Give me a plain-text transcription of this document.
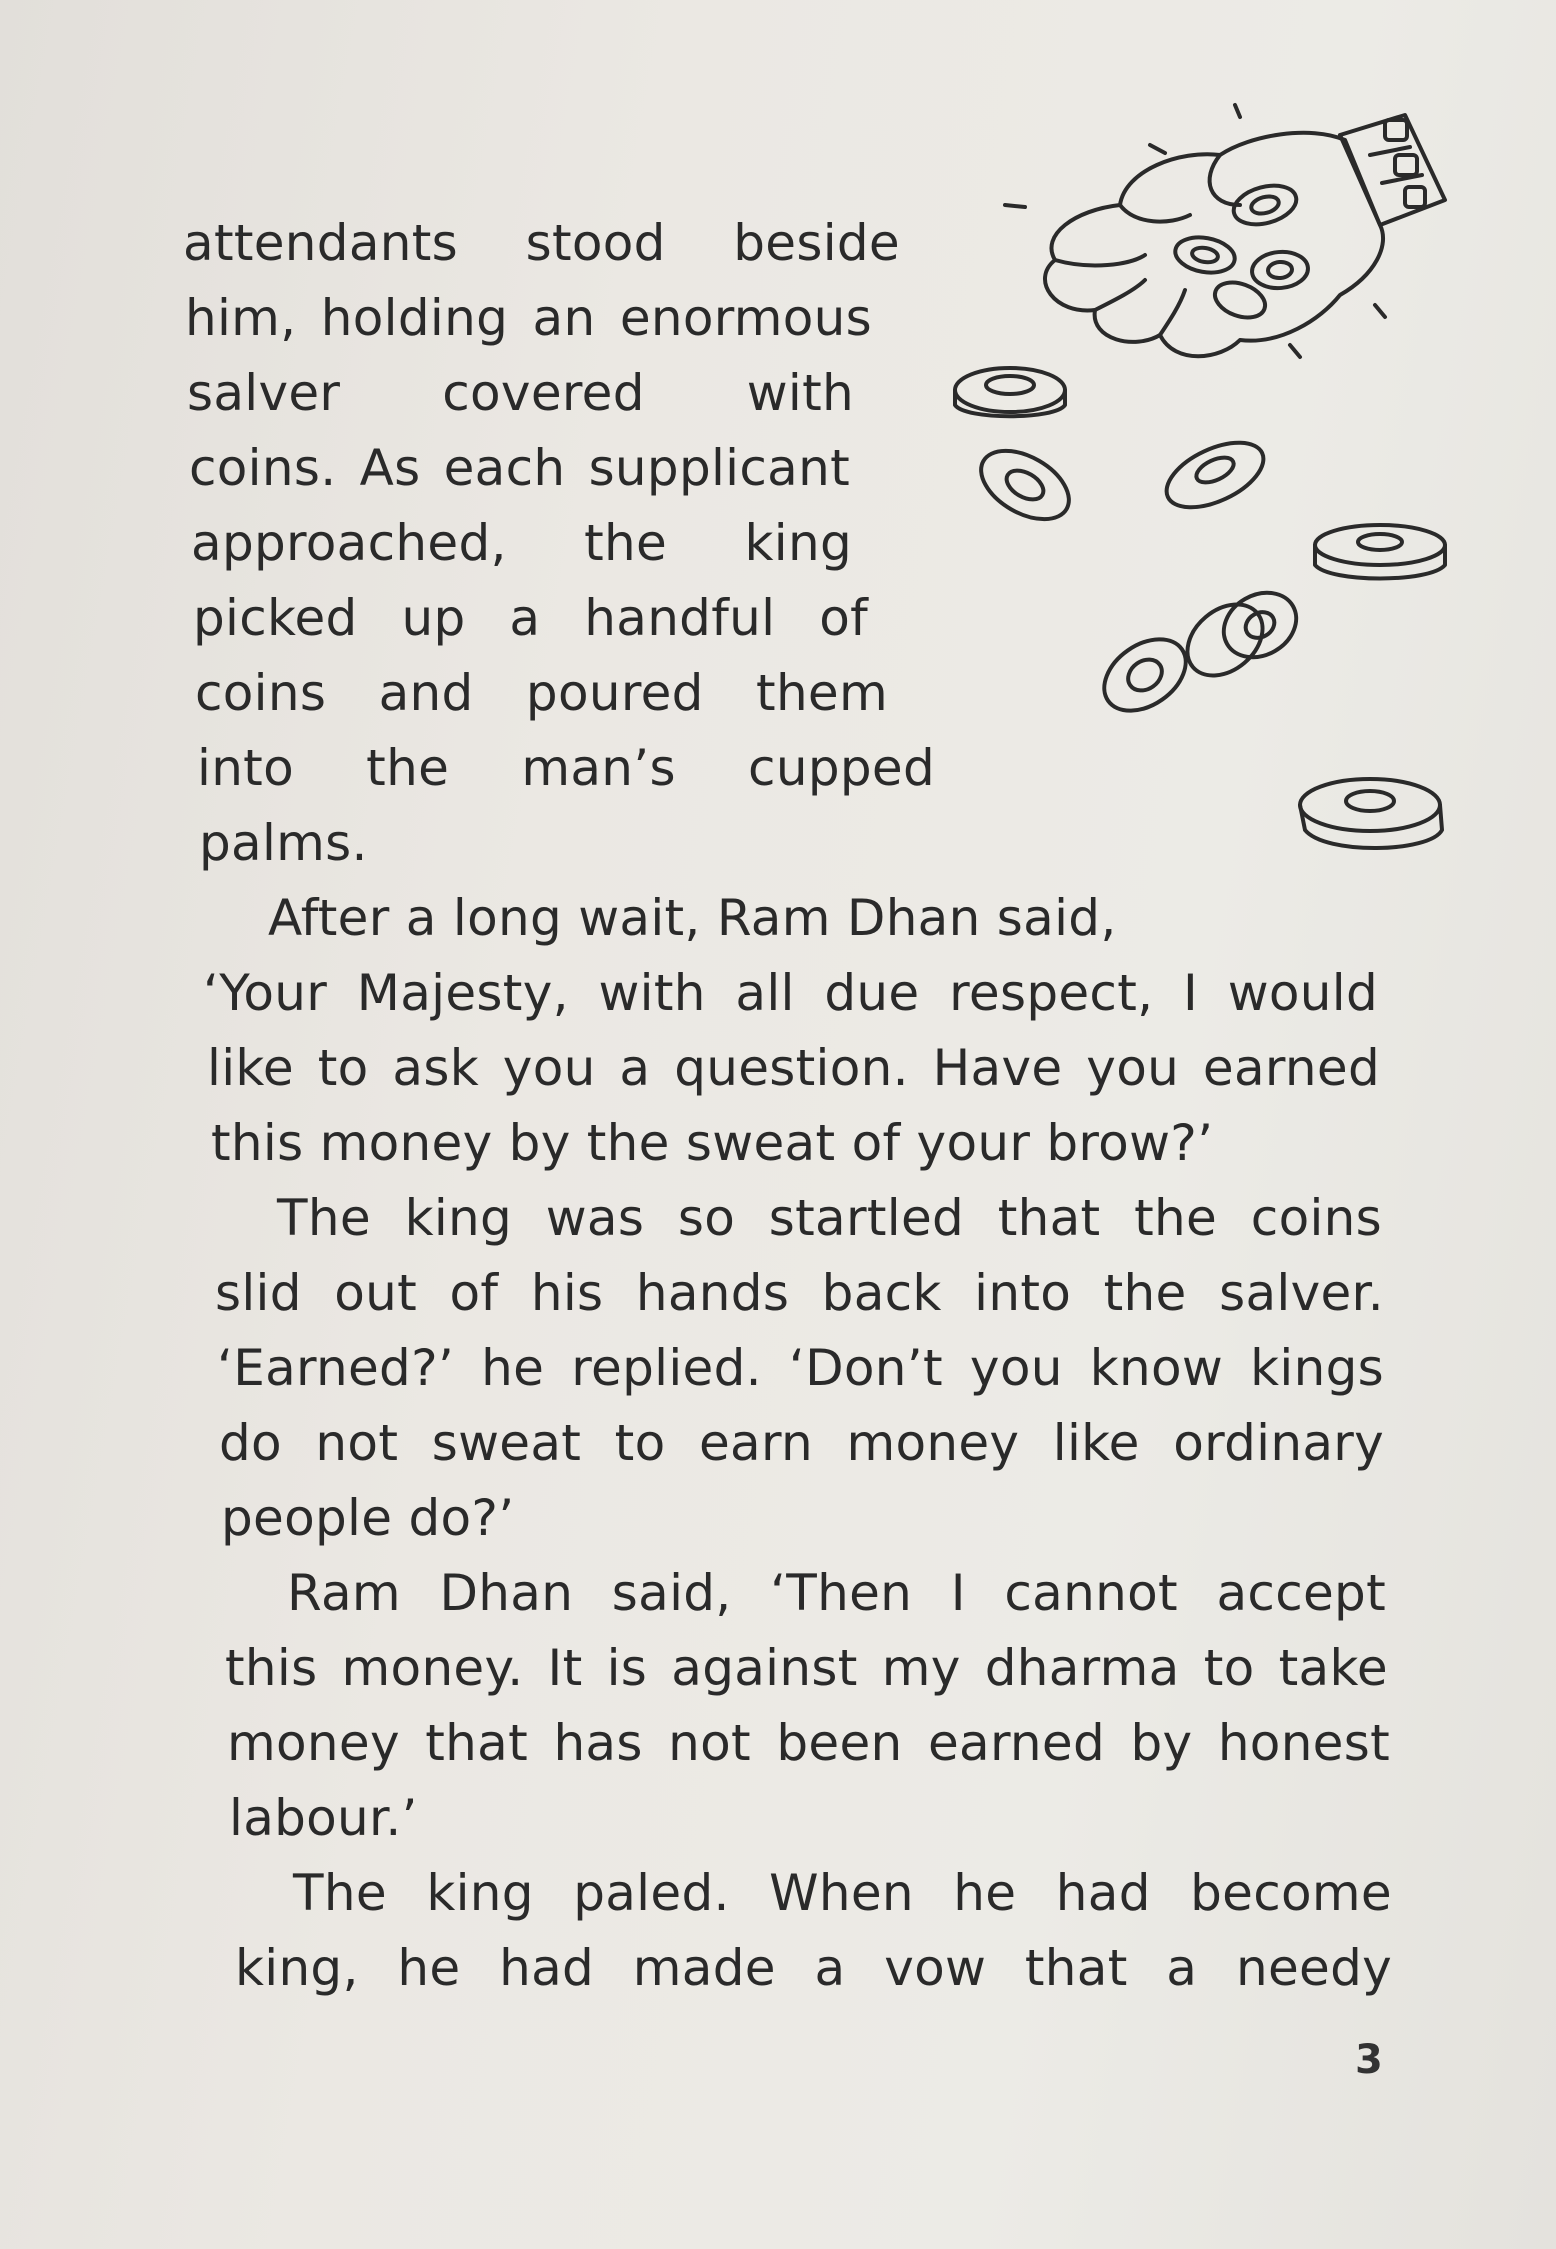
attendants stood beside
him, holding an enormous
salver covered with
coins. As each supplicant
approached, the king
picked up a handful of
coins and poured them
into the man’s cupped
palms.
After a long wait, Ram Dhan said,
‘Your Majesty, with all due respect, I would
like to ask you a question. Have you earned
this money by the sweat of your brow?’
The king was so startled that the coins
slid out of his hands back into the salver.
‘Earned?’ he replied. ‘Don’t you know kings
do not sweat to earn money like ordinary
people do?’
Ram Dhan said, ‘Then I cannot accept
this money. It is against my dharma to take
money that has not been earned by honest
labour.’
The king paled. When he had become
king, he had made a vow that a needy
3
